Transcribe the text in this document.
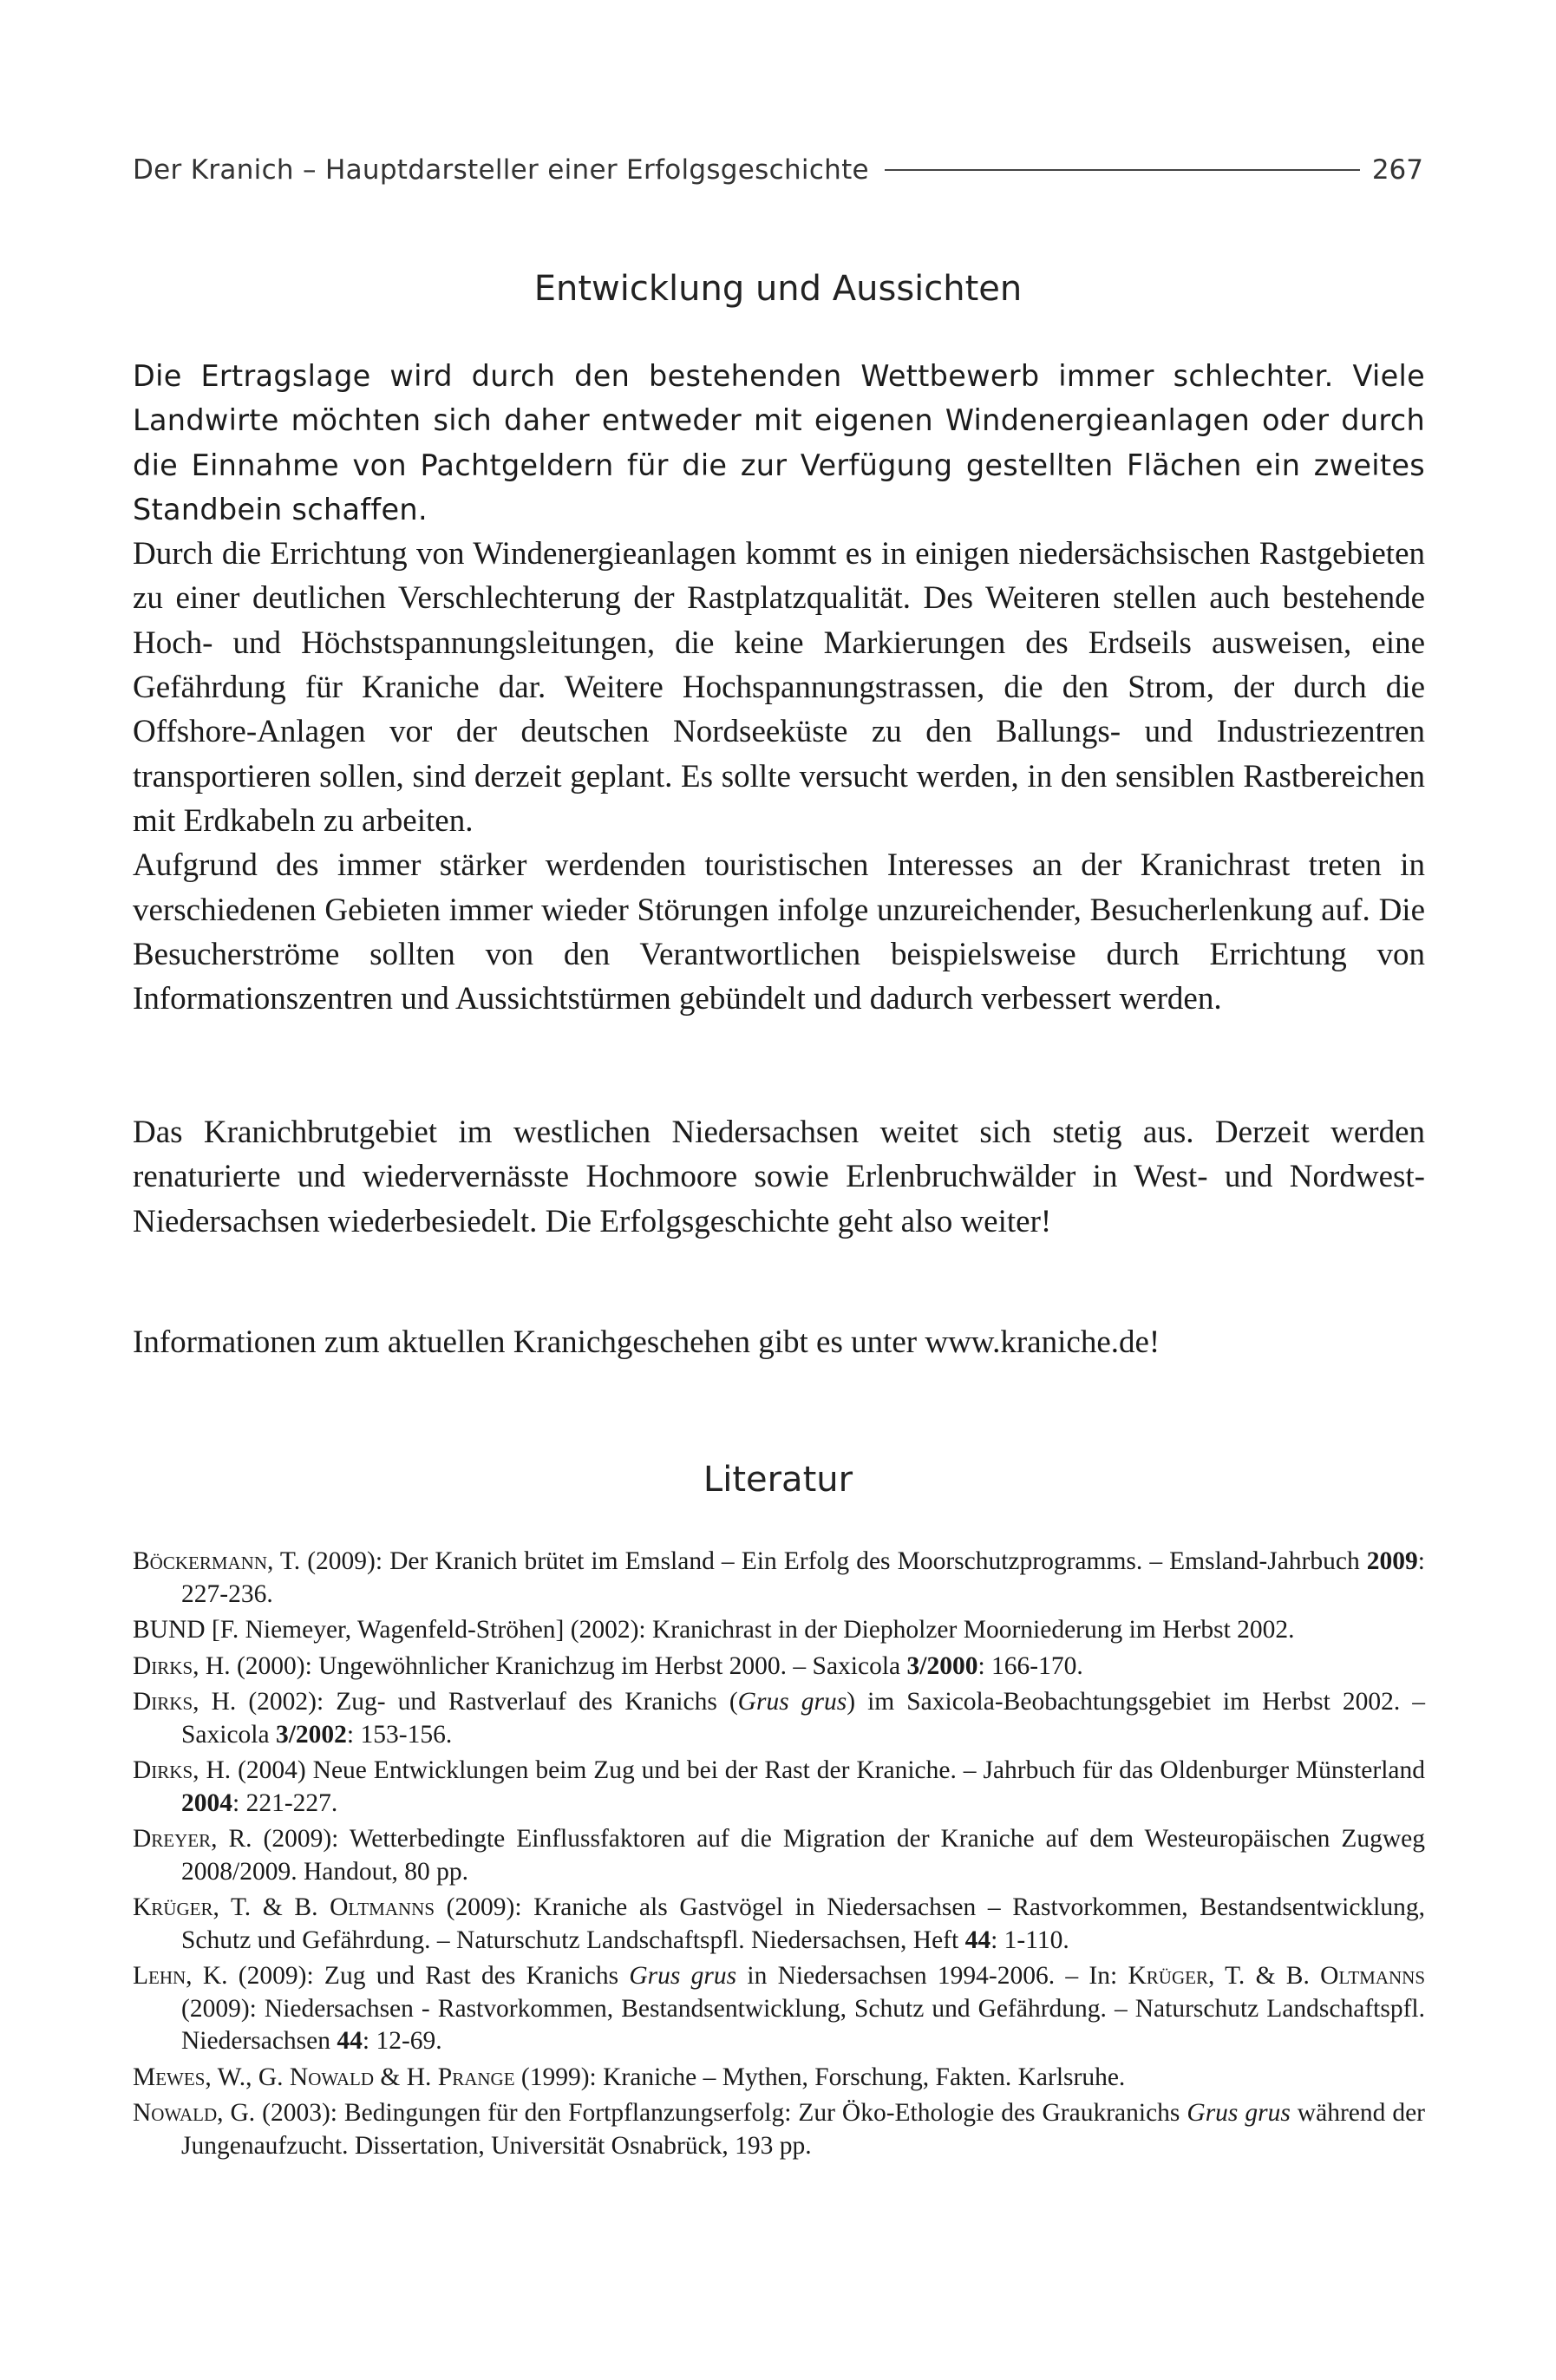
Der Kranich – Hauptdarsteller einer Erfolgsgeschichte	267
Entwicklung und Aussichten

Die Ertragslage wird durch den bestehenden Wettbewerb immer schlechter. Viele Landwirte möchten sich daher entweder mit eigenen Windenergieanlagen oder durch die Einnahme von Pachtgeldern für die zur Verfügung gestellten Flächen ein zweites Standbein schaffen.

Durch die Errichtung von Windenergieanlagen kommt es in einigen niedersächsischen Rastgebieten zu einer deutlichen Verschlechterung der Rastplatzqualität. Des Weiteren stellen auch bestehende Hoch- und Höchstspannungsleitungen, die keine Markierungen des Erdseils ausweisen, eine Gefährdung für Kraniche dar. Weitere Hochspannungstrassen, die den Strom, der durch die Offshore-Anlagen vor der deutschen Nordseeküste zu den Ballungs- und Industriezentren transportieren sollen, sind derzeit geplant. Es sollte versucht werden, in den sensiblen Rastbereichen mit Erdkabeln zu arbeiten.

Aufgrund des immer stärker werdenden touristischen Interesses an der Kranichrast treten in verschiedenen Gebieten immer wieder Störungen infolge unzureichender, Besucherlenkung auf. Die Besucherströme sollten von den Verantwortlichen beispielsweise durch Errichtung von Informationszentren und Aussichtstürmen gebündelt und dadurch verbessert werden.

Das Kranichbrutgebiet im westlichen Niedersachsen weitet sich stetig aus. Derzeit werden renaturierte und wiedervernässte Hochmoore sowie Erlenbruchwälder in West- und Nordwest-Niedersachsen wiederbesiedelt. Die Erfolgsgeschichte geht also weiter!

Informationen zum aktuellen Kranichgeschehen gibt es unter www.kraniche.de!

Literatur

Böckermann, T. (2009): Der Kranich brütet im Emsland – Ein Erfolg des Moorschutzprogramms. – Emsland-Jahrbuch 2009: 227-236.

BUND [F. Niemeyer, Wagenfeld-Ströhen] (2002): Kranichrast in der Diepholzer Moorniederung im Herbst 2002.

Dirks, H. (2000): Ungewöhnlicher Kranichzug im Herbst 2000. – Saxicola 3/2000: 166-170.

Dirks, H. (2002): Zug- und Rastverlauf des Kranichs (Grus grus) im Saxicola-Beobachtungsgebiet im Herbst 2002. – Saxicola 3/2002: 153-156.

Dirks, H. (2004) Neue Entwicklungen beim Zug und bei der Rast der Kraniche. – Jahrbuch für das Oldenburger Münsterland 2004: 221-227.

Dreyer, R. (2009): Wetterbedingte Einflussfaktoren auf die Migration der Kraniche auf dem Westeuropäischen Zugweg 2008/2009. Handout, 80 pp.

Krüger, T. & B. Oltmanns (2009): Kraniche als Gastvögel in Niedersachsen – Rastvorkommen, Bestandsentwicklung, Schutz und Gefährdung. – Naturschutz Landschaftspfl. Niedersachsen, Heft 44: 1-110.

Lehn, K. (2009): Zug und Rast des Kranichs Grus grus in Niedersachsen 1994-2006. – In: Krüger, T. & B. Oltmanns (2009): Niedersachsen - Rastvorkommen, Bestandsentwicklung, Schutz und Gefährdung. – Naturschutz Landschaftspfl. Niedersachsen 44: 12-69.

Mewes, W., G. Nowald & H. Prange (1999): Kraniche – Mythen, Forschung, Fakten. Karlsruhe.

Nowald, G. (2003): Bedingungen für den Fortpflanzungserfolg: Zur Öko-Ethologie des Graukranichs Grus grus während der Jungenaufzucht. Dissertation, Universität Osnabrück, 193 pp.
